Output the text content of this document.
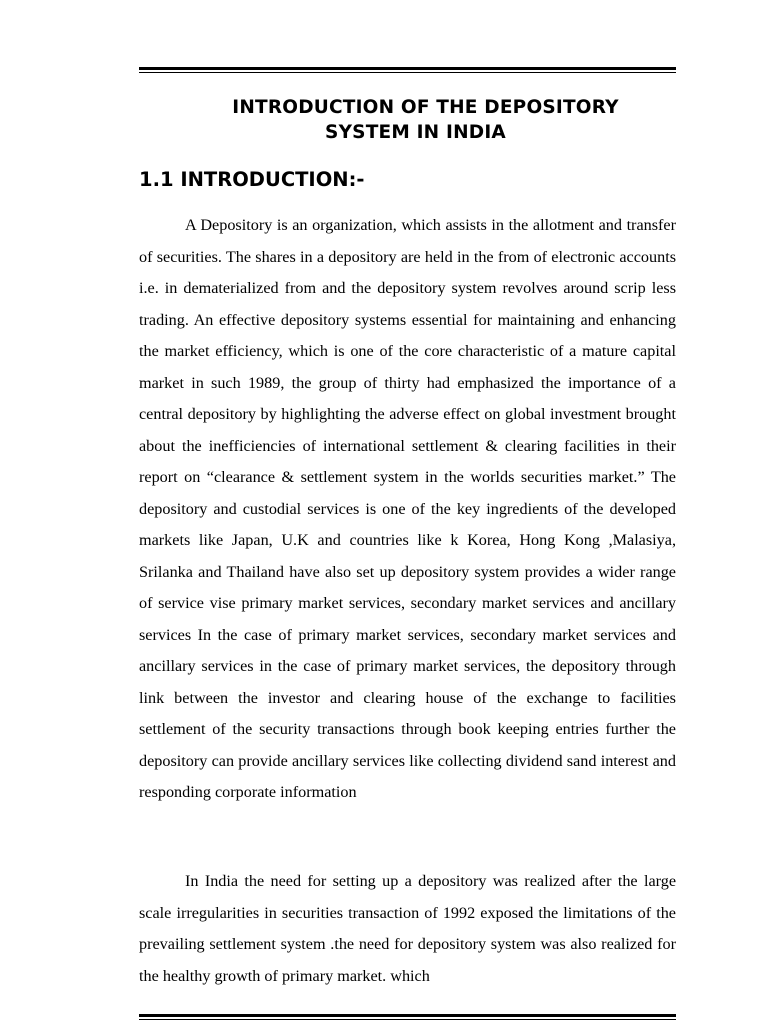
INTRODUCTION OF THE DEPOSITORY
SYSTEM IN INDIA
1.1 INTRODUCTION:-

A Depository is an organization, which assists in the allotment and transfer of securities. The shares in a depository are held in the from of electronic accounts i.e. in dematerialized from and the depository system revolves around scrip less trading. An effective depository systems essential for maintaining and enhancing the market efficiency, which is one of the core characteristic of a mature capital market in such 1989, the group of thirty had emphasized the importance of a central depository by highlighting the adverse effect on global investment brought about the inefficiencies of international settlement & clearing facilities in their report on “clearance & settlement system in the worlds securities market.” The depository and custodial services is one of the key ingredients of the developed markets like Japan, U.K and countries like k Korea, Hong Kong ,Malasiya, Srilanka and Thailand have also set up depository system provides a wider range of service vise primary market services, secondary market services and ancillary services In the case of primary market services, secondary market services and ancillary services in the case of primary market services, the depository through link between the investor and clearing house of the exchange to facilities settlement of the security transactions through book keeping entries further the depository can provide ancillary services like collecting dividend sand interest and responding corporate information

In India the need for setting up a depository was realized after the large scale irregularities in securities transaction of 1992 exposed the limitations of the prevailing settlement system .the need for depository system was also realized for the healthy growth of primary market. which
